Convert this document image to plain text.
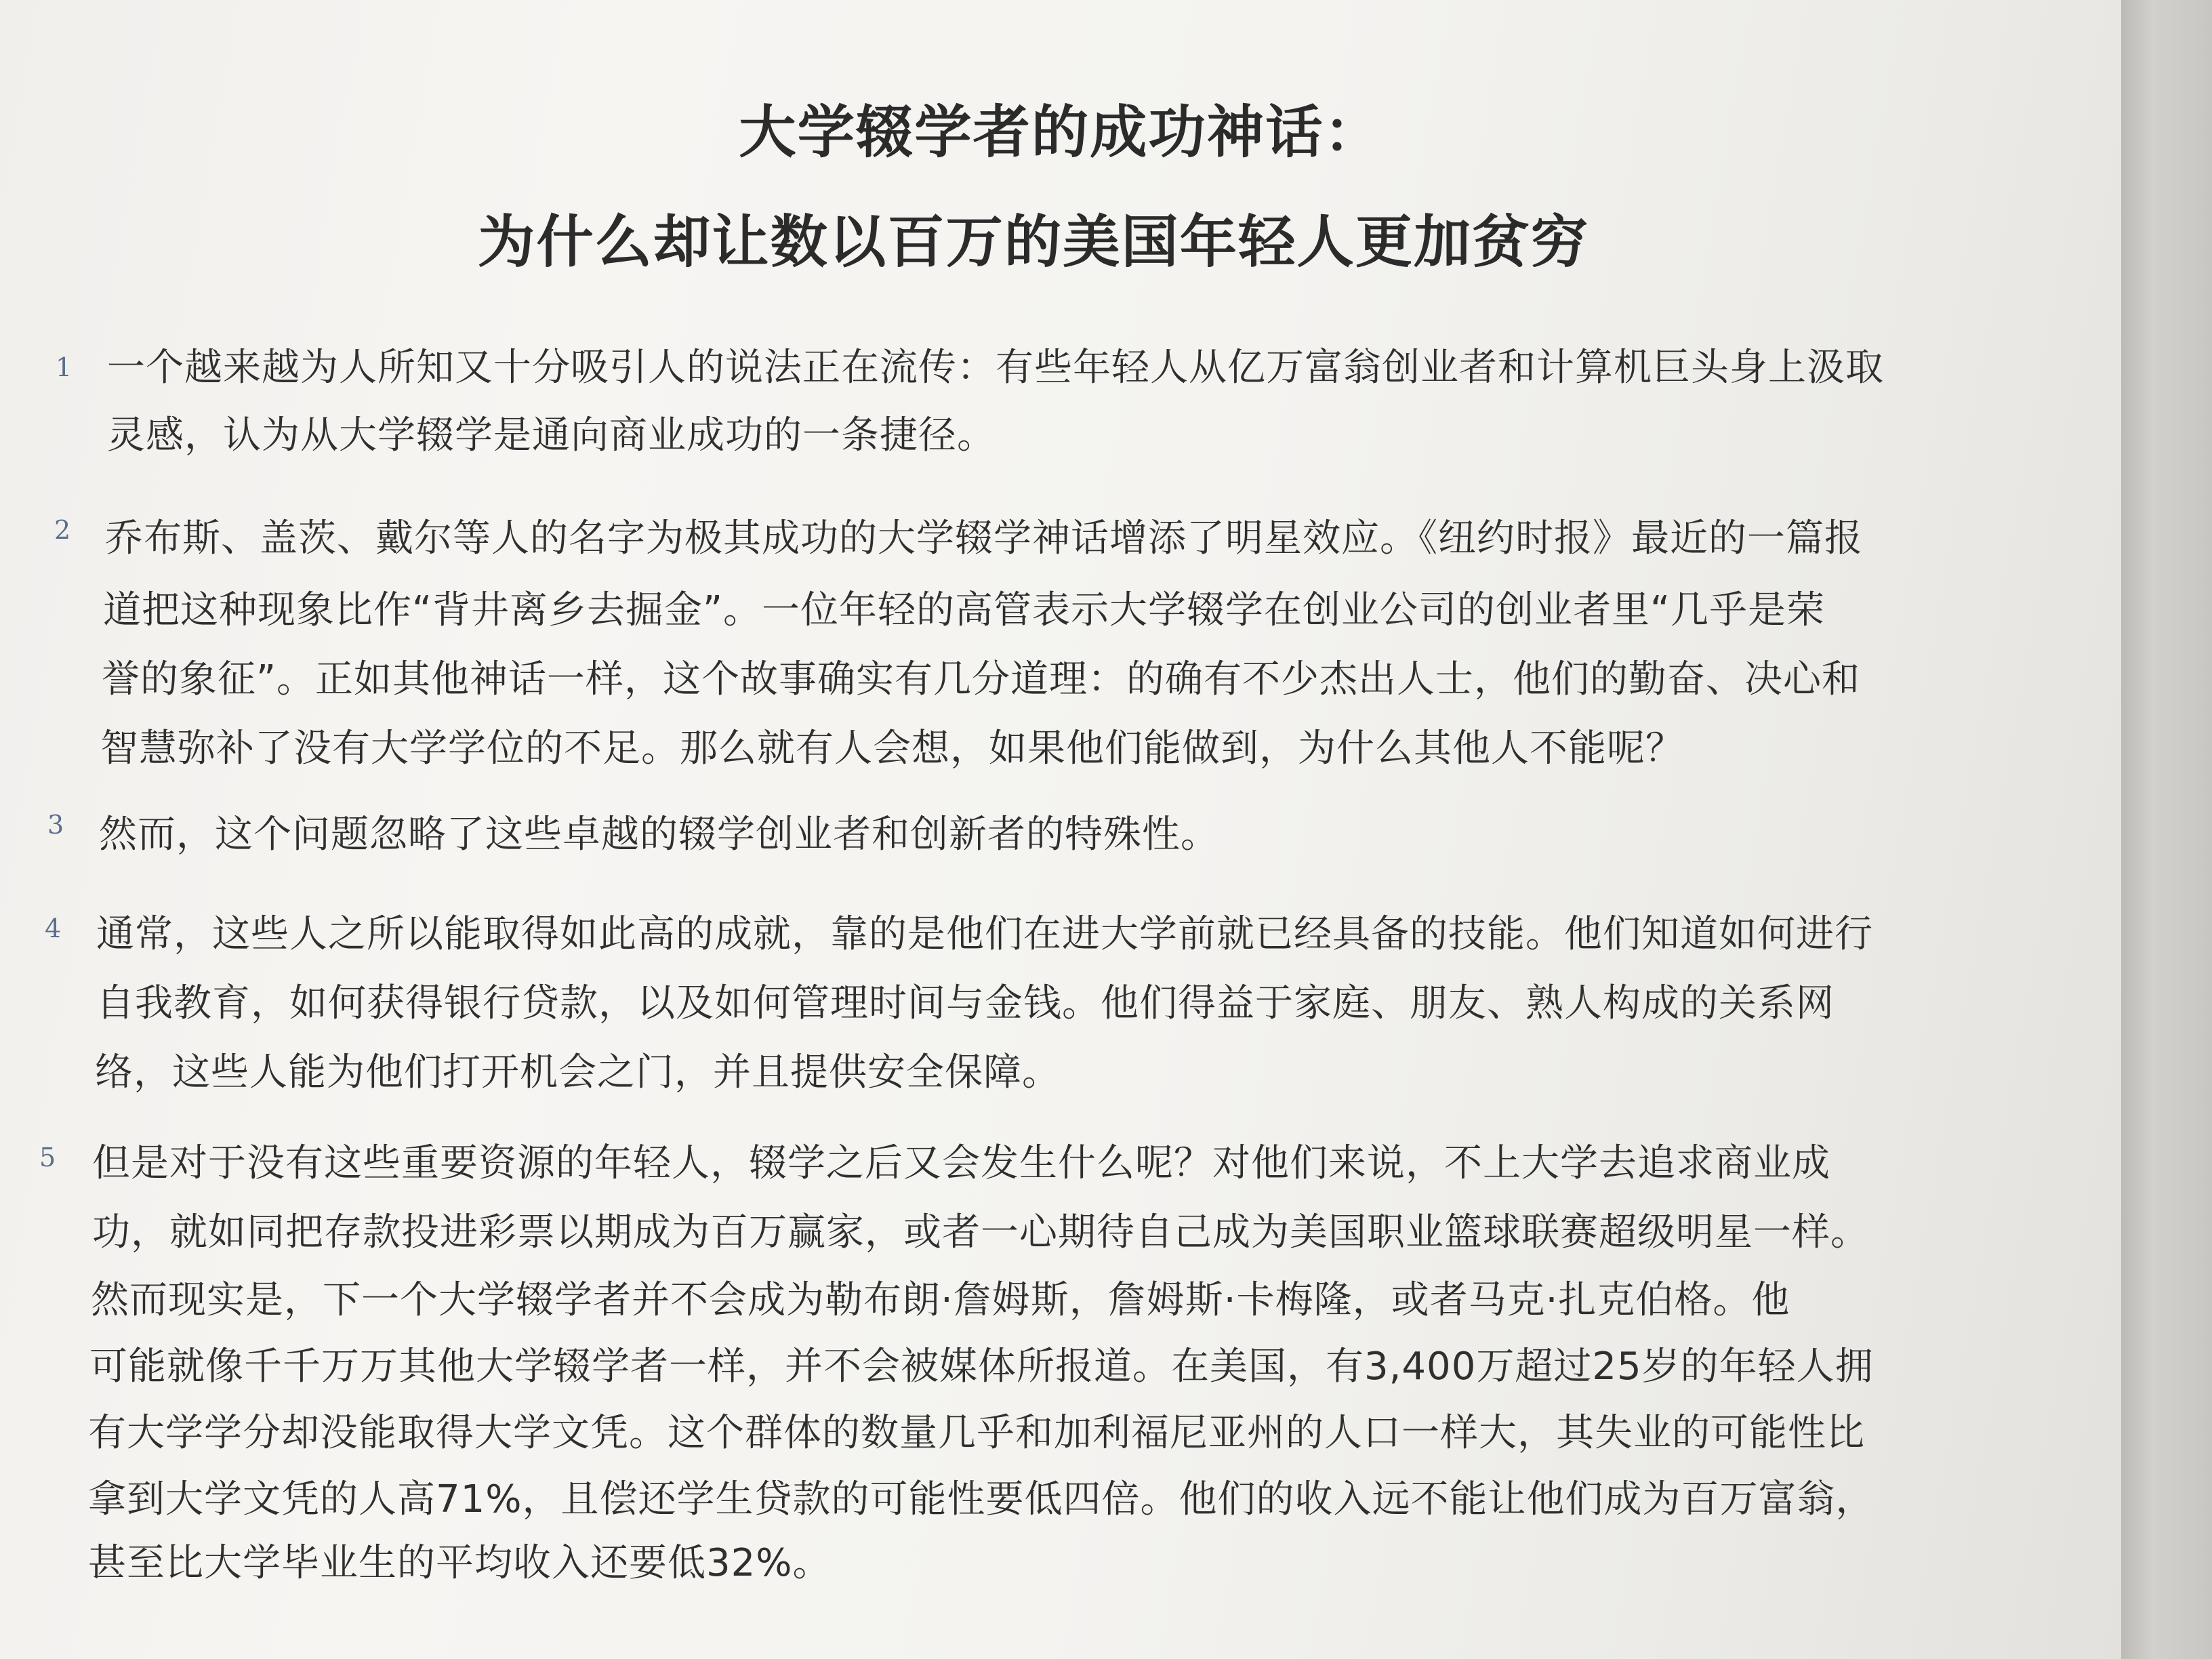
大学辍学者的成功神话：
为什么却让数以百万的美国年轻人更加贫穷
1 一个越来越为人所知又十分吸引人的说法正在流传：有些年轻人从亿万富翁创业者和计算机巨头身上汲取
灵感，认为从大学辍学是通向商业成功的一条捷径。
2 乔布斯、盖茨、戴尔等人的名字为极其成功的大学辍学神话增添了明星效应。《纽约时报》最近的一篇报
道把这种现象比作“背井离乡去掘金”。一位年轻的高管表示大学辍学在创业公司的创业者里“几乎是荣
誉的象征”。正如其他神话一样，这个故事确实有几分道理：的确有不少杰出人士，他们的勤奋、决心和
智慧弥补了没有大学学位的不足。那么就有人会想，如果他们能做到，为什么其他人不能呢？
3 然而，这个问题忽略了这些卓越的辍学创业者和创新者的特殊性。
4 通常，这些人之所以能取得如此高的成就，靠的是他们在进大学前就已经具备的技能。他们知道如何进行
自我教育，如何获得银行贷款，以及如何管理时间与金钱。他们得益于家庭、朋友、熟人构成的关系网
络，这些人能为他们打开机会之门，并且提供安全保障。
5 但是对于没有这些重要资源的年轻人，辍学之后又会发生什么呢？对他们来说，不上大学去追求商业成
功，就如同把存款投进彩票以期成为百万赢家，或者一心期待自己成为美国职业篮球联赛超级明星一样。
然而现实是，下一个大学辍学者并不会成为勒布朗·詹姆斯，詹姆斯·卡梅隆，或者马克·扎克伯格。他
可能就像千千万万其他大学辍学者一样，并不会被媒体所报道。在美国，有3,400万超过25岁的年轻人拥
有大学学分却没能取得大学文凭。这个群体的数量几乎和加利福尼亚州的人口一样大，其失业的可能性比
拿到大学文凭的人高71%，且偿还学生贷款的可能性要低四倍。他们的收入远不能让他们成为百万富翁，
甚至比大学毕业生的平均收入还要低32%。
